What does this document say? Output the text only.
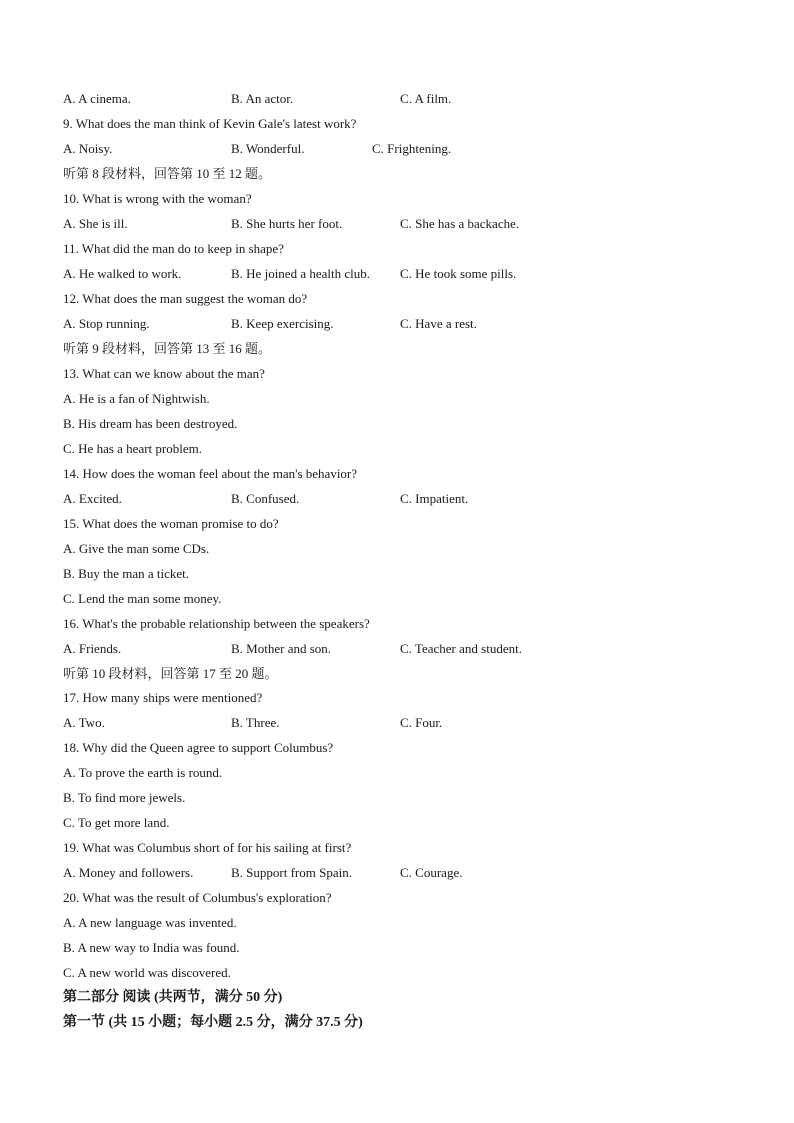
A. A cinema.	B. An actor.	C. A film.
9. What does the man think of Kevin Gale's latest work?
A. Noisy.	B. Wonderful.	C. Frightening.
听第 8 段材料，回答第 10 至 12 题。
10. What is wrong with the woman?
A. She is ill.	B. She hurts her foot.	C. She has a backache.
11. What did the man do to keep in shape?
A. He walked to work.	B. He joined a health club. C. He took some pills.
12. What does the man suggest the woman do?
A. Stop running.	B. Keep exercising.	C. Have a rest.
听第 9 段材料，回答第 13 至 16 题。
13. What can we know about the man?
A. He is a fan of Nightwish.
B. His dream has been destroyed.
C. He has a heart problem.
14. How does the woman feel about the man's behavior?
A. Excited.	B. Confused.	C. Impatient.
15. What does the woman promise to do?
A. Give the man some CDs.
B. Buy the man a ticket.
C. Lend the man some money.
16. What's the probable relationship between the speakers?
A. Friends.	B. Mother and son.	C. Teacher and student.
听第 10 段材料，回答第 17 至 20 题。
17. How many ships were mentioned?
A. Two.	B. Three.	C. Four.
18. Why did the Queen agree to support Columbus?
A. To prove the earth is round.
B. To find more jewels.
C. To get more land.
19. What was Columbus short of for his sailing at first?
A. Money and followers.	B. Support from Spain.	C. Courage.
20. What was the result of Columbus's exploration?
A. A new language was invented.
B. A new way to India was found.
C. A new world was discovered.
第二部分 阅读 (共两节，满分 50 分)
第一节 (共 15 小题；每小题 2.5 分，满分 37.5 分)
